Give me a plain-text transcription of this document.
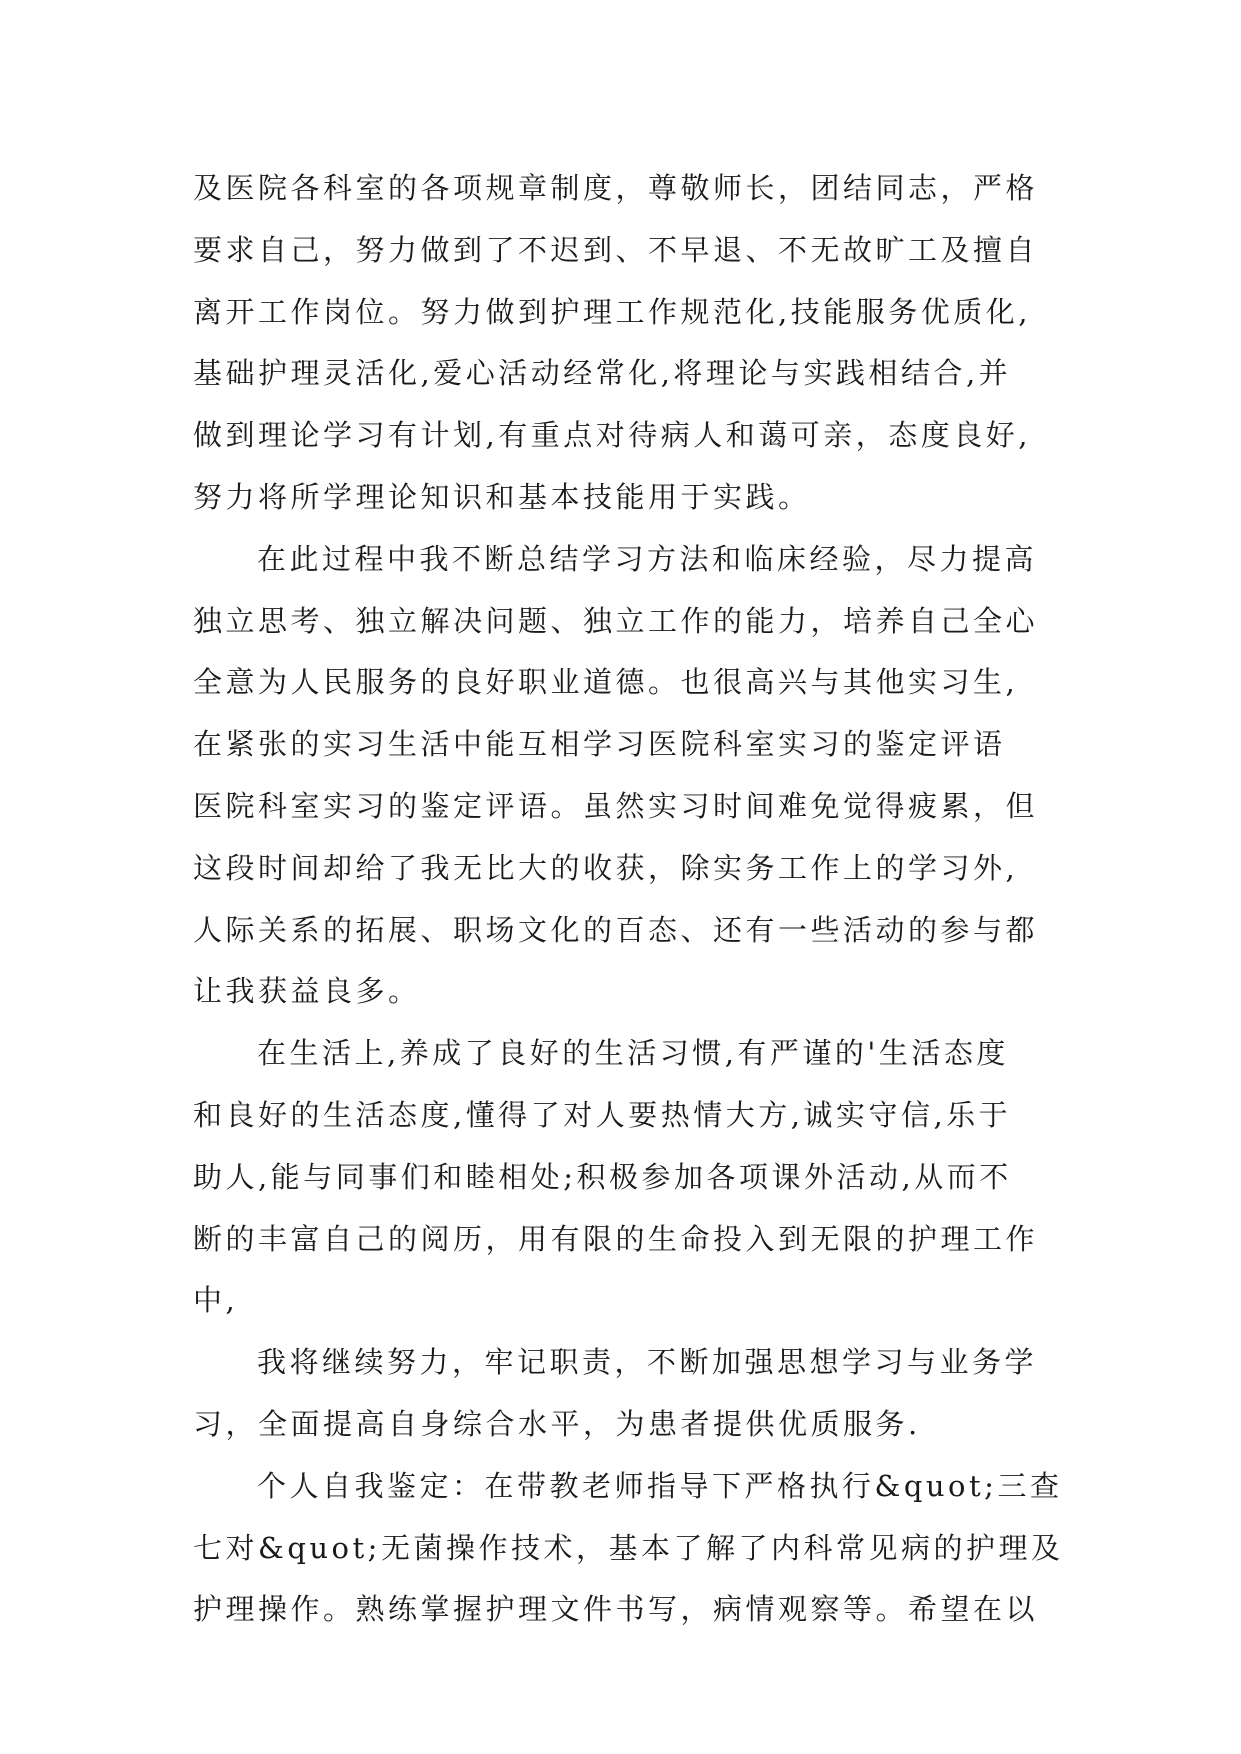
及医院各科室的各项规章制度，尊敬师长，团结同志，严格
要求自己，努力做到了不迟到、不早退、不无故旷工及擅自
离开工作岗位。努力做到护理工作规范化,技能服务优质化,
基础护理灵活化,爱心活动经常化,将理论与实践相结合,并
做到理论学习有计划,有重点对待病人和蔼可亲，态度良好,
努力将所学理论知识和基本技能用于实践。
在此过程中我不断总结学习方法和临床经验，尽力提高
独立思考、独立解决问题、独立工作的能力，培养自己全心
全意为人民服务的良好职业道德。也很高兴与其他实习生,
在紧张的实习生活中能互相学习医院科室实习的鉴定评语
医院科室实习的鉴定评语。虽然实习时间难免觉得疲累，但
这段时间却给了我无比大的收获，除实务工作上的学习外,
人际关系的拓展、职场文化的百态、还有一些活动的参与都
让我获益良多。
在生活上,养成了良好的生活习惯,有严谨的'生活态度
和良好的生活态度,懂得了对人要热情大方,诚实守信,乐于
助人,能与同事们和睦相处;积极参加各项课外活动,从而不
断的丰富自己的阅历，用有限的生命投入到无限的护理工作
中,
我将继续努力，牢记职责，不断加强思想学习与业务学
习，全面提高自身综合水平，为患者提供优质服务.
个人自我鉴定：在带教老师指导下严格执行&quot;三查
七对&quot;无菌操作技术，基本了解了内科常见病的护理及
护理操作。熟练掌握护理文件书写，病情观察等。希望在以
